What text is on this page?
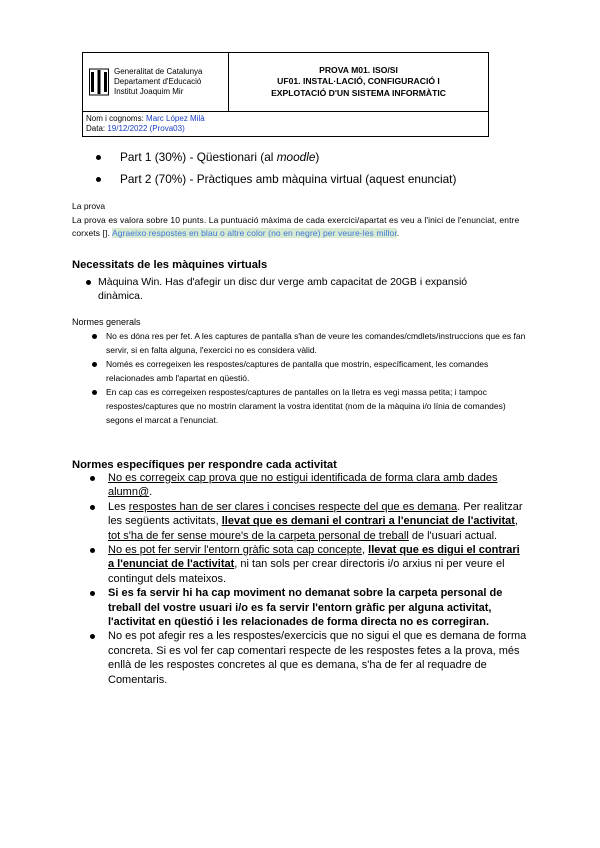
Generalitat de Catalunya
Departament d'Educació
Institut Joaquim Mir
PROVA M01. ISO/SI
UF01. INSTAL·LACIÓ, CONFIGURACIÓ I
EXPLOTACIÓ D'UN SISTEMA INFORMÀTIC
Nom i cognoms: Marc López Milà
Data: 19/12/2022 (Prova03)
Part 1 (30%) - Qüestionari (al moodle)
Part 2 (70%) - Pràctiques amb màquina virtual (aquest enunciat)
La prova
La prova es valora sobre 10 punts. La puntuació màxima de cada exercici/apartat es veu a l'inici de l'enunciat, entre corxets []. Agraeixo respostes en blau o altre color (no en negre) per veure-les millor.
Necessitats de les màquines virtuals
Màquina Win. Has d'afegir un disc dur verge amb capacitat de 20GB i expansió dinàmica.
Normes generals
No es dóna res per fet. A les captures de pantalla s'han de veure les comandes/cmdlets/instruccions que es fan servir, si en falta alguna, l'exercici no es considera vàlid.
Només es corregeixen les respostes/captures de pantalla que mostrin, específicament, les comandes relacionades amb l'apartat en qüestió.
En cap cas es corregeixen respostes/captures de pantalles on la lletra es vegi massa petita; i tampoc respostes/captures que no mostrin clarament la vostra identitat (nom de la màquina i/o línia de comandes) segons el marcat a l'enunciat.
Normes específiques per respondre cada activitat
No es corregeix cap prova que no estigui identificada de forma clara amb dades alumn@.
Les respostes han de ser clares i concises respecte del que es demana. Per realitzar les següents activitats, llevat que es demani el contrari a l'enunciat de l'activitat, tot s'ha de fer sense moure's de la carpeta personal de treball de l'usuari actual.
No es pot fer servir l'entorn gràfic sota cap concepte, llevat que es digui el contrari a l'enunciat de l'activitat, ni tan sols per crear directoris i/o arxius ni per veure el contingut dels mateixos.
Si es fa servir hi ha cap moviment no demanat sobre la carpeta personal de treball del vostre usuari i/o es fa servir l'entorn gràfic per alguna activitat, l'activitat en qüestió i les relacionades de forma directa no es corregiran.
No es pot afegir res a les respostes/exercicis que no sigui el que es demana de forma concreta. Si es vol fer cap comentari respecte de les respostes fetes a la prova, més enllà de les respostes concretes al que es demana, s'ha de fer al requadre de Comentaris.
